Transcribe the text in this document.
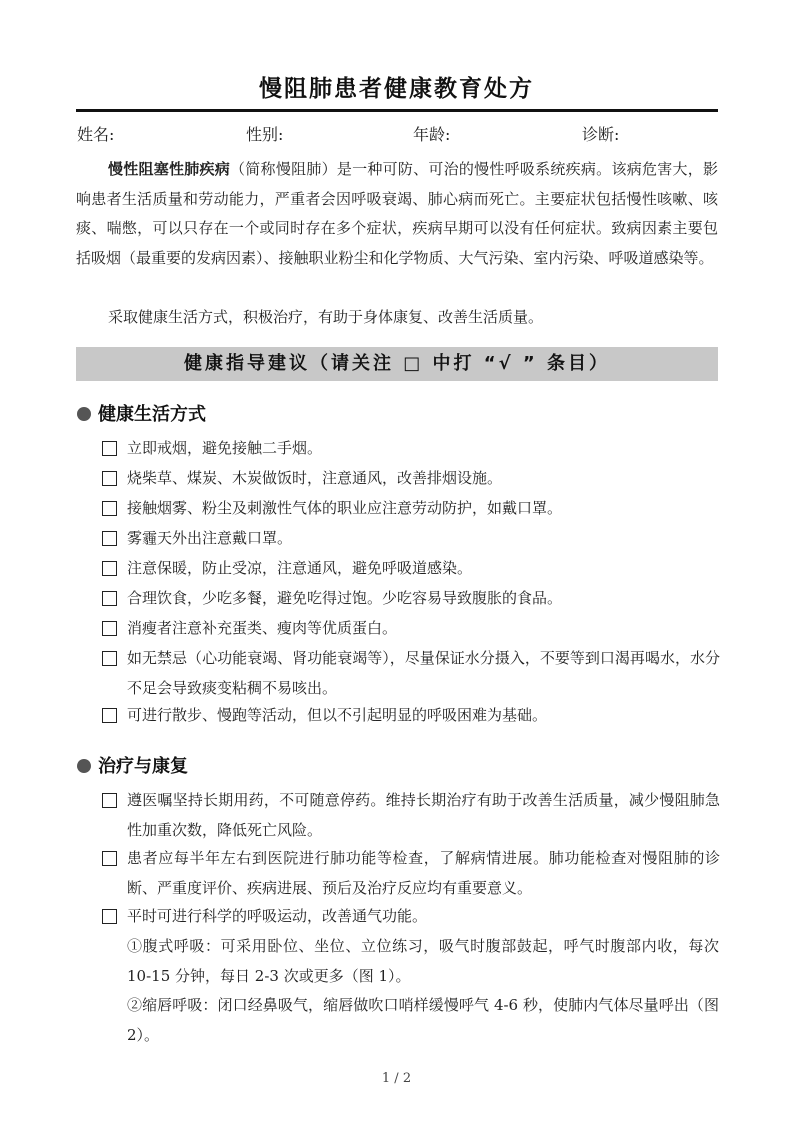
慢阻肺患者健康教育处方
姓名:	性别:	年龄:	诊断:
慢性阻塞性肺疾病（简称慢阻肺）是一种可防、可治的慢性呼吸系统疾病。该病危害大，影响患者生活质量和劳动能力，严重者会因呼吸衰竭、肺心病而死亡。主要症状包括慢性咳嗽、咳痰、喘憋，可以只存在一个或同时存在多个症状，疾病早期可以没有任何症状。致病因素主要包括吸烟（最重要的发病因素）、接触职业粉尘和化学物质、大气污染、室内污染、呼吸道感染等。
采取健康生活方式，积极治疗，有助于身体康复、改善生活质量。
健康指导建议（请关注 □ 中打 “√ ” 条目）
健康生活方式
立即戒烟，避免接触二手烟。
烧柴草、煤炭、木炭做饭时，注意通风，改善排烟设施。
接触烟雾、粉尘及刺激性气体的职业应注意劳动防护，如戴口罩。
雾霾天外出注意戴口罩。
注意保暖，防止受凉，注意通风，避免呼吸道感染。
合理饮食，少吃多餐，避免吃得过饱。少吃容易导致腹胀的食品。
消瘦者注意补充蛋类、瘦肉等优质蛋白。
如无禁忌（心功能衰竭、肾功能衰竭等），尽量保证水分摄入，不要等到口渴再喝水，水分不足会导致痰变粘稠不易咳出。
可进行散步、慢跑等活动，但以不引起明显的呼吸困难为基础。
治疗与康复
遵医嘱坚持长期用药，不可随意停药。维持长期治疗有助于改善生活质量，减少慢阻肺急性加重次数，降低死亡风险。
患者应每半年左右到医院进行肺功能等检查，了解病情进展。肺功能检查对慢阻肺的诊断、严重度评价、疾病进展、预后及治疗反应均有重要意义。
平时可进行科学的呼吸运动，改善通气功能。
①腹式呼吸：可采用卧位、坐位、立位练习，吸气时腹部鼓起，呼气时腹部内收，每次 10-15 分钟，每日 2-3 次或更多（图 1）。
②缩唇呼吸：闭口经鼻吸气，缩唇做吹口哨样缓慢呼气 4-6 秒，使肺内气体尽量呼出（图 2）。
1 / 2
